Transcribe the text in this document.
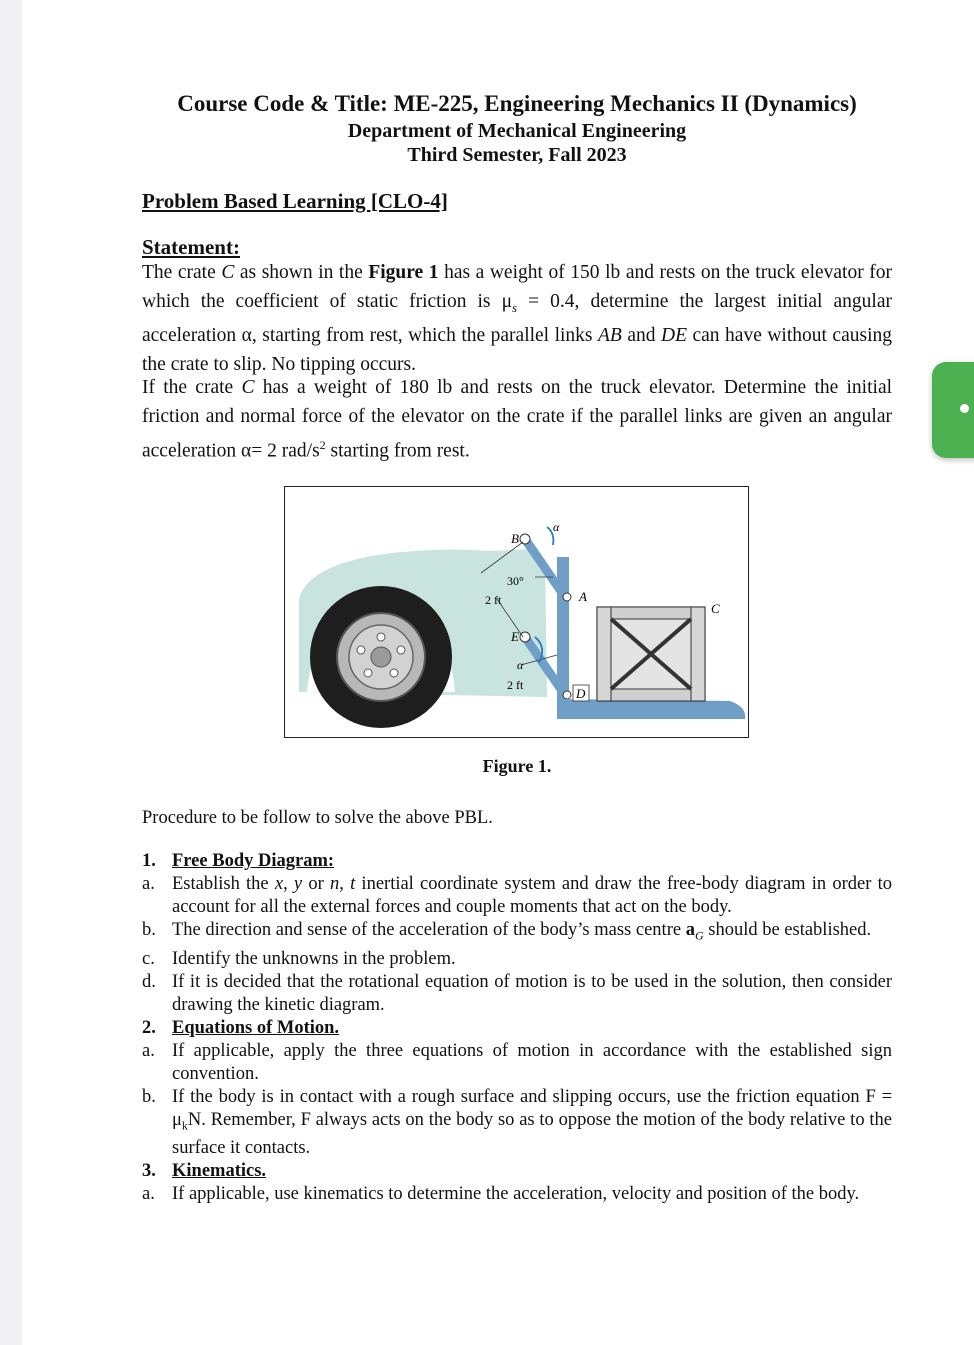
Course Code & Title: ME-225, Engineering Mechanics II (Dynamics)
Department of Mechanical Engineering
Third Semester, Fall 2023
Problem Based Learning [CLO-4]
Statement:
The crate C as shown in the Figure 1 has a weight of 150 lb and rests on the truck elevator for which the coefficient of static friction is $\mu_s = 0.4$, determine the largest initial angular acceleration α, starting from rest, which the parallel links AB and DE can have without causing the crate to slip. No tipping occurs.
If the crate C has a weight of 180 lb and rests on the truck elevator. Determine the initial friction and normal force of the elevator on the crate if the parallel links are given an angular acceleration α= 2 rad/$s^2$ starting from rest.
B
α
30°
2 ft	A
C
E
α
2 ft
D
Figure 1.
Procedure to be follow to solve the above PBL.
1. Free Body Diagram:
a. Establish the x, y or n, t inertial coordinate system and draw the free-body diagram in order to account for all the external forces and couple moments that act on the body.
b. The direction and sense of the acceleration of the body’s mass centre $a_G$ should be established.
c. Identify the unknowns in the problem.
d. If it is decided that the rotational equation of motion is to be used in the solution, then consider drawing the kinetic diagram.
2. Equations of Motion.
a. If applicable, apply the three equations of motion in accordance with the established sign convention.
b. If the body is in contact with a rough surface and slipping occurs, use the friction equation $F = \mu_kN$. Remember, F always acts on the body so as to oppose the motion of the body relative to the surface it contacts.
3. Kinematics.
a. If applicable, use kinematics to determine the acceleration, velocity and position of the body.
